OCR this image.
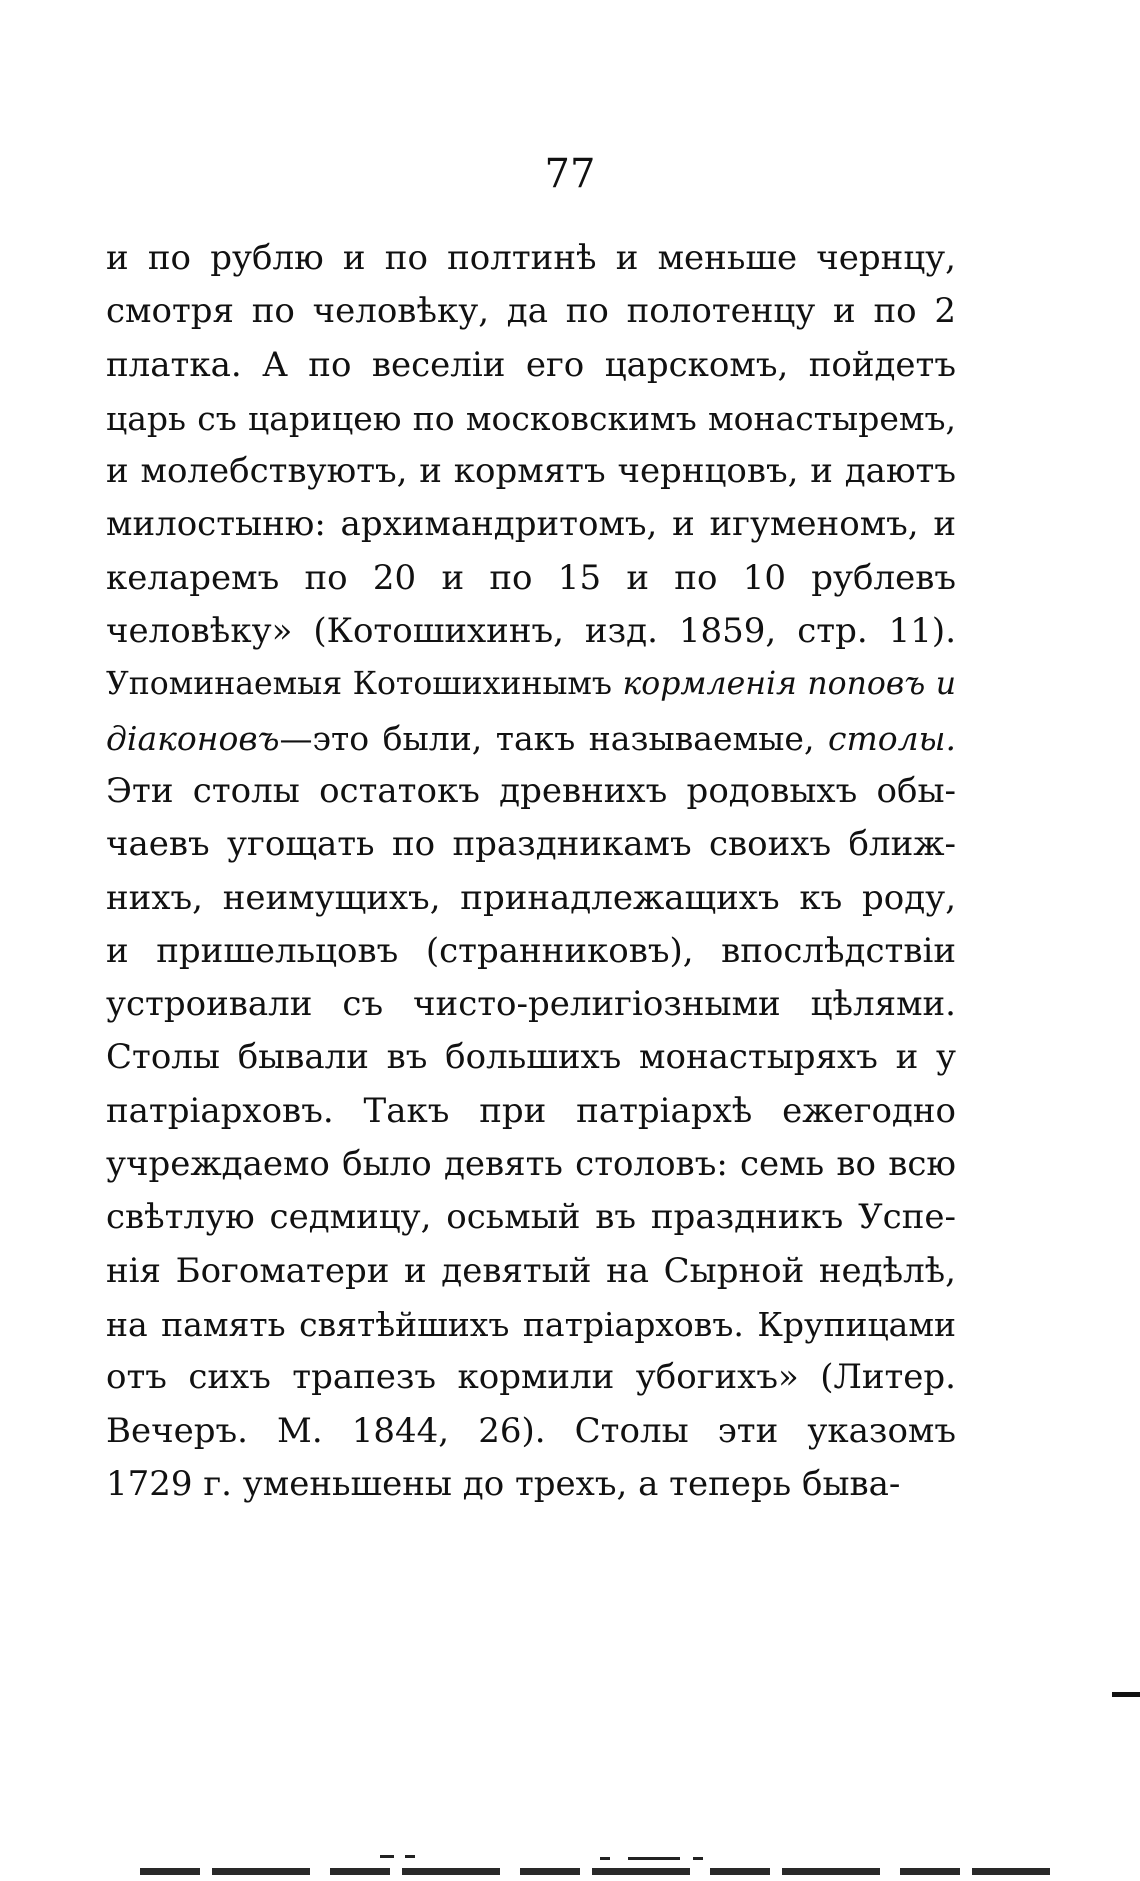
77
и по рублю и по полтинѣ и меньше чернцу,
смотря по человѣку, да по полотенцу и по 2
платка. А по веселіи его царскомъ, пойдетъ
царь съ царицею по московскимъ монастыремъ,
и молебствуютъ, и кормятъ чернцовъ, и даютъ
милостыню: архимандритомъ, и игуменомъ, и
келаремъ по 20 и по 15 и по 10 рублевъ
человѣку» (Котошихинъ, изд. 1859, стр. 11).
Упоминаемыя Котошихинымъ кормленія поповъ и
діаконовъ—это были, такъ называемые, столы.
Эти столы остатокъ древнихъ родовыхъ обы-
чаевъ угощать по праздникамъ своихъ ближ-
нихъ, неимущихъ, принадлежащихъ къ роду,
и пришельцовъ (странниковъ), впослѣдствіи
устроивали съ чисто-религіозными цѣлями.
Столы бывали въ большихъ монастыряхъ и у
патріарховъ. Такъ при патріархѣ ежегодно
учреждаемо было девять столовъ: семь во всю
свѣтлую седмицу, осьмый въ праздникъ Успе-
нія Богоматери и девятый на Сырной недѣлѣ,
на память святѣйшихъ патріарховъ. Крупицами
отъ сихъ трапезъ кормили убогихъ» (Литер.
Вечеръ. М. 1844, 26). Столы эти указомъ
1729 г. уменьшены до трехъ, а теперь быва-
